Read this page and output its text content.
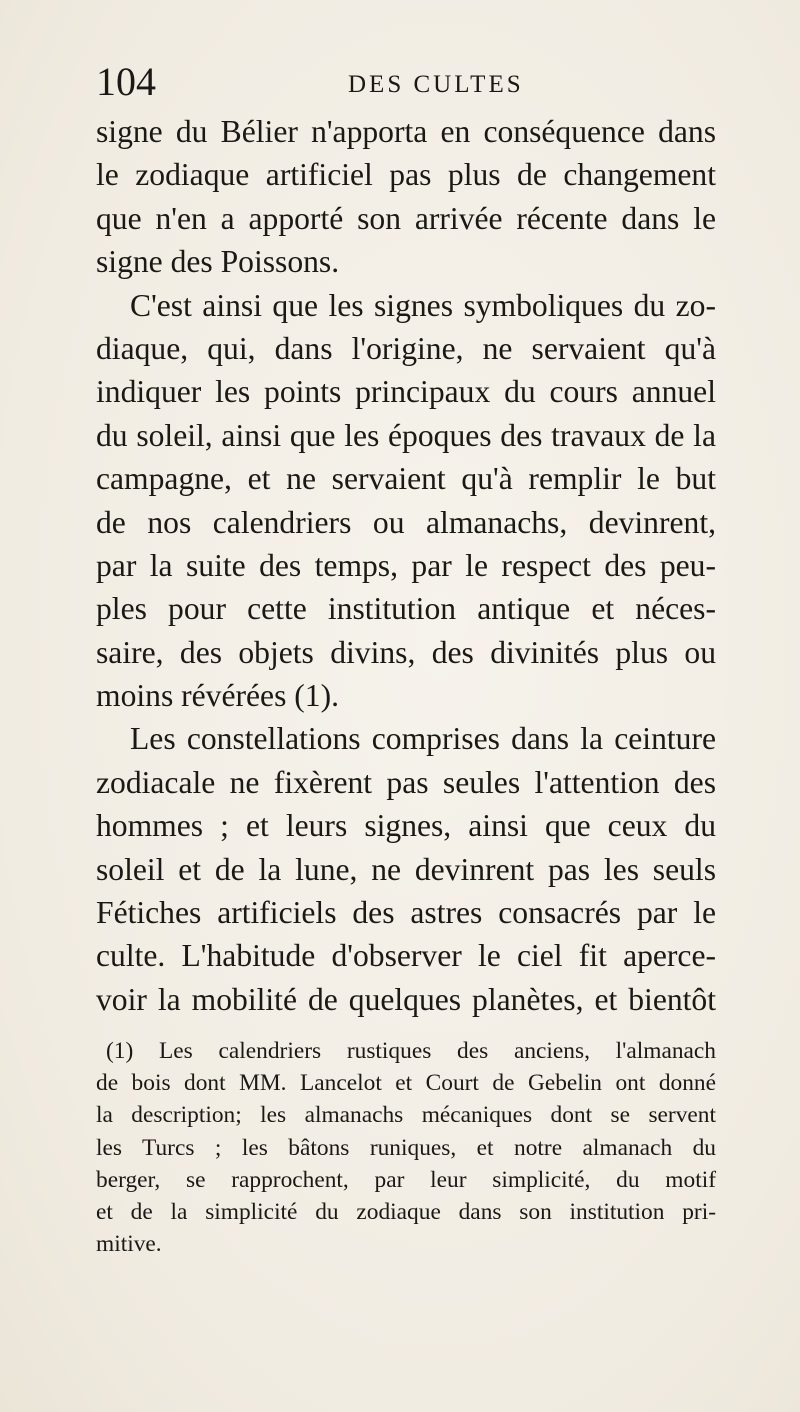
104	DES CULTES
signe du Bélier n'apporta en conséquence dans
le zodiaque artificiel pas plus de changement
que n'en a apporté son arrivée récente dans le
signe des Poissons.
C'est ainsi que les signes symboliques du zo-
diaque, qui, dans l'origine, ne servaient qu'à
indiquer les points principaux du cours annuel
du soleil, ainsi que les époques des travaux de la
campagne, et ne servaient qu'à remplir le but
de nos calendriers ou almanachs, devinrent,
par la suite des temps, par le respect des peu-
ples pour cette institution antique et néces-
saire, des objets divins, des divinités plus ou
moins révérées (1).
Les constellations comprises dans la ceinture
zodiacale ne fixèrent pas seules l'attention des
hommes ; et leurs signes, ainsi que ceux du
soleil et de la lune, ne devinrent pas les seuls
Fétiches artificiels des astres consacrés par le
culte. L'habitude d'observer le ciel fit aperce-
voir la mobilité de quelques planètes, et bientôt
(1) Les calendriers rustiques des anciens, l'almanach
de bois dont MM. Lancelot et Court de Gebelin ont donné
la description; les almanachs mécaniques dont se servent
les Turcs ; les bâtons runiques, et notre almanach du
berger, se rapprochent, par leur simplicité, du motif
et de la simplicité du zodiaque dans son institution pri-
mitive.
